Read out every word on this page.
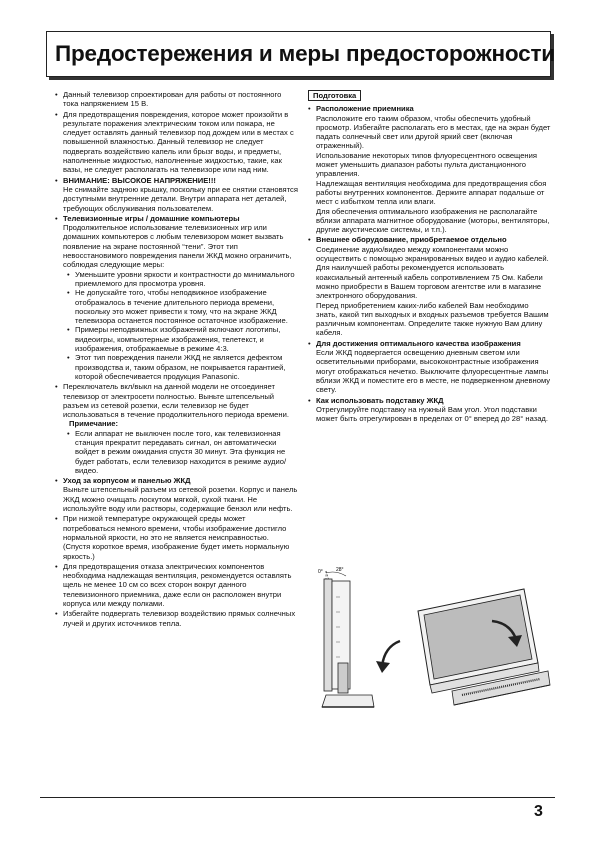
Предостережения и меры предосторожности
• Данный телевизор спроектирован для работы от постоянного тока напряжением 15 В.
• Для предотвращения повреждения, которое может произойти в результате поражения электрическим током или пожара, не следует оставлять данный телевизор под дождем или в местах с повышенной влажностью. Данный телевизор не следует подвергать воздействию капель или брызг воды, и предметы, наполненные жидкостью, наполненные жидкостью, такие, как вазы, не следует располагать на телевизоре или над ним.
• ВНИМАНИЕ: ВЫСОКОЕ НАПРЯЖЕНИЕ!!!

Не снимайте заднюю крышку, поскольку при ее снятии становятся доступными внутренние детали. Внутри аппарата нет деталей, требующих обслуживания пользователем.

• Телевизионные игры / домашние компьютеры

Продолжительное использование телевизионных игр или домашних компьютеров с любым телевизором может вызвать появление на экране постоянной “тени”. Этот тип невосстановимого повреждения панели ЖКД можно ограничить, соблюдая следующие меры:

• Уменьшите уровни яркости и контрастности до минимального приемлемого для просмотра уровня.
• Не допускайте того, чтобы неподвижное изображение отображалось в течение длительного периода времени, поскольку это может привести к тому, что на экране ЖКД телевизора останется постоянное остаточное изображение.
• Примеры неподвижных изображений включают логотипы, видеоигры, компьютерные изображения, телетекст, и изображения, отображаемые в режиме 4:3.
• Этот тип повреждения панели ЖКД не является дефектом производства и, таким образом, не покрывается гарантией, которой обеспечивается продукция Panasonic.

• Переключатель вкл/выкл на данной модели не отсоединяет телевизор от электросети полностью. Выньте штепсельный разъем из сетевой розетки, если телевизор не будет использоваться в течение продолжительного периода времени.

Примечание:
• Если аппарат не выключен после того, как телевизионная станция прекратит передавать сигнал, он автоматически войдет в режим ожидания спустя 30 минут. Эта функция не будет работать, если телевизор находится в режиме аудио/видео.
• Уход за корпусом и панелью ЖКД

Выньте штепсельный разъем из сетевой розетки. Корпус и панель ЖКД можно очищать лоскутом мягкой, сухой ткани. Не используйте воду или растворы, содержащие бензол или нефть.

• При низкой температуре окружающей среды может потребоваться немного времени, чтобы изображение достигло нормальной яркости, но это не является неисправностью. (Спустя короткое время, изображение будет иметь нормальную яркость.)
• Для предотвращения отказа электрических компонентов необходима надлежащая вентиляция, рекомендуется оставлять щель не менее 10 см со всех сторон вокруг данного телевизионного приемника, даже если он расположен внутри корпуса или между полками.
• Избегайте подвергать телевизор воздействию прямых солнечных лучей и других источников тепла.
Подготовка
• Расположение приемника

Расположите его таким образом, чтобы обеспечить удобный просмотр. Избегайте располагать его в местах, где на экран будет падать солнечный свет или другой яркий свет (включая отраженный).

Использование некоторых типов флуоресцентного освещения может уменьшить диапазон работы пульта дистанционного управления.

Надлежащая вентиляция необходима для предотвращения сбоя работы внутренних компонентов. Держите аппарат подальше от мест с избытком тепла или влаги.

Для обеспечения оптимального изображения не располагайте вблизи аппарата магнитное оборудование (моторы, вентиляторы, другие акустические системы, и т.п.).

• Внешнее оборудование, приобретаемое отдельно

Соединение аудио/видео между компонентами можно осуществить с помощью экранированных видео и аудио кабелей. Для наилучшей работы рекомендуется использовать коаксиальный антенный кабель сопротивлением 75 Ом. Кабели можно приобрести в Вашем торговом агентстве или в магазине электронного оборудования.

Перед приобретением каких-либо кабелей Вам необходимо знать, какой тип выходных и входных разъемов требуется Вашим различным компонентам. Определите также нужную Вам длину кабеля.

• Для достижения оптимального качества изображения

Если ЖКД подвергается освещению дневным светом или осветительными приборами, высококонтрастные изображения могут отображаться нечетко. Выключите флуоресцентные лампы вблизи ЖКД и поместите его в месте, не подверженном дневному свету.

• Как использовать подставку ЖКД

Отрегулируйте подставку на нужный Вам угол. Угол подставки может быть отрегулирован в пределах от 0° вперед до 28° назад.

0°	28°
3
